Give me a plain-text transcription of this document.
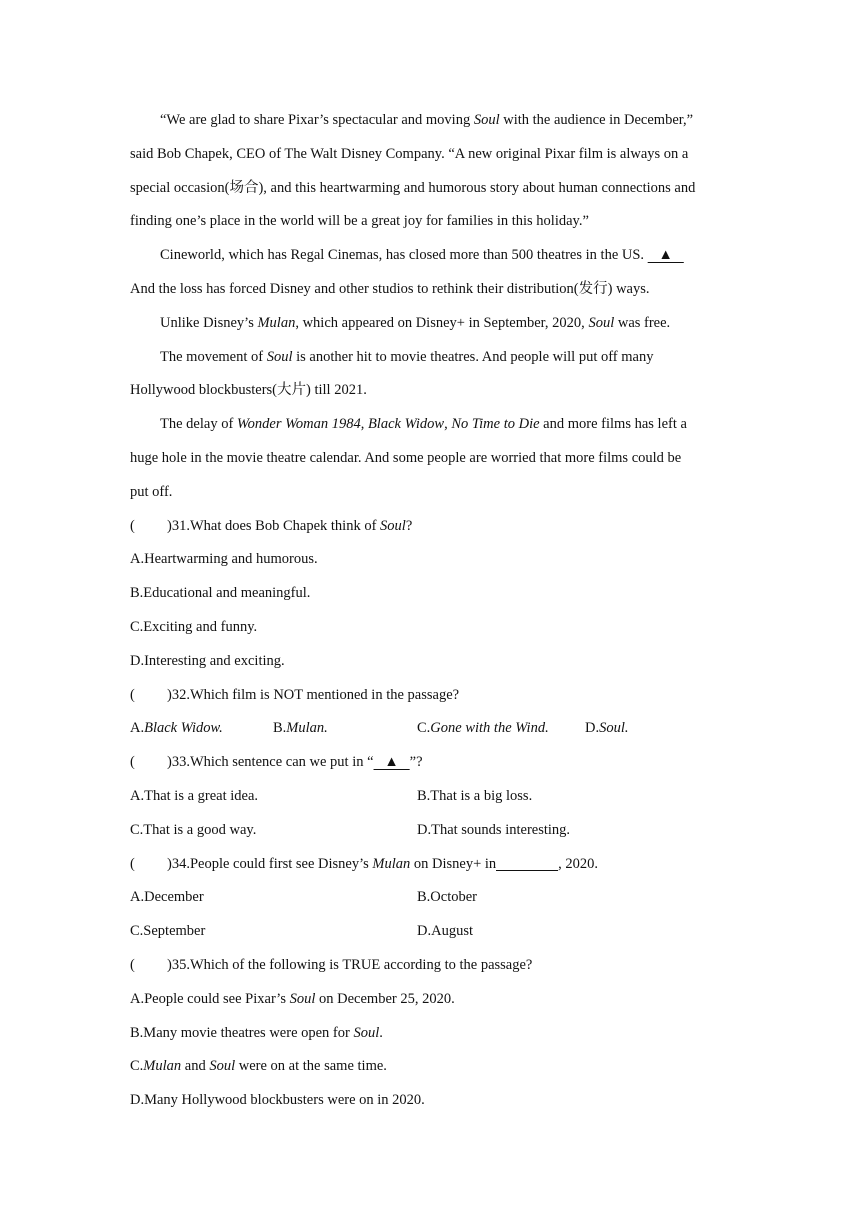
“We are glad to share Pixar’s spectacular and moving Soul with the audience in December,”
said Bob Chapek, CEO of The Walt Disney Company. “A new original Pixar film is always on a
special occasion(场合), and this heartwarming and humorous story about human connections and
finding one’s place in the world will be a great joy for families in this holiday.”
Cineworld, which has Regal Cinemas, has closed more than 500 theatres in the US.    ▲
And the loss has forced Disney and other studios to rethink their distribution(发行) ways.
Unlike Disney’s Mulan, which appeared on Disney+ in September, 2020, Soul was free.
The movement of Soul is another hit to movie theatres. And people will put off many
Hollywood blockbusters(大片) till 2021.
The delay of Wonder Woman 1984, Black Widow, No Time to Die and more films has left a
huge hole in the movie theatre calendar. And some people are worried that more films could be
put off.
( )31.What does Bob Chapek think of Soul?
A.Heartwarming and humorous.
B.Educational and meaningful.
C.Exciting and funny.
D.Interesting and exciting.
( )32.Which film is NOT mentioned in the passage?
A.Black Widow.	B.Mulan.	C.Gone with the Wind.	D.Soul.
( )33.Which sentence can we put in “   ▲   ”?
A.That is a great idea.	B.That is a big loss.
C.That is a good way.	D.That sounds interesting.
( )34.People could first see Disney’s Mulan on Disney+ in	, 2020.
A.December	B.October
C.September	D.August
( )35.Which of the following is TRUE according to the passage?
A.People could see Pixar’s Soul on December 25, 2020.
B.Many movie theatres were open for Soul.
C.Mulan and Soul were on at the same time.
D.Many Hollywood blockbusters were on in 2020.
